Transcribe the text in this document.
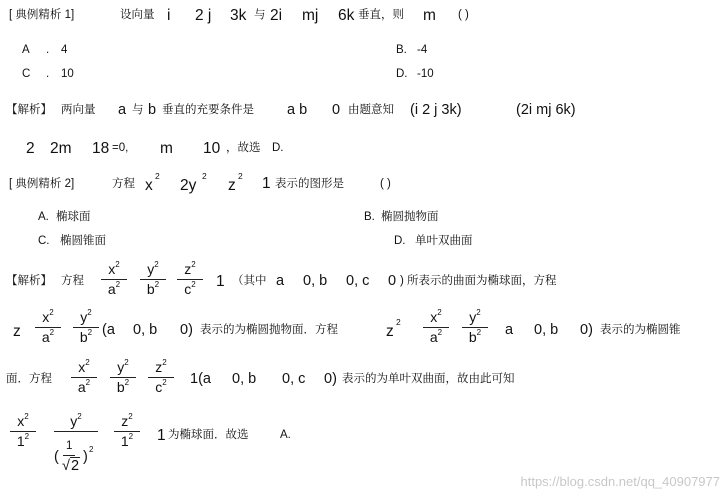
[ 典例精析 1]	设向量 i 2 j 3k 与 2i mj 6k 垂直，则 m ( )
A . 4	B. -4
C . 10	D. -10
【解析】 两向量 a 与 b 垂直的充要条件是 a b 0 由题意知 (i 2 j 3k)	(2i mj 6k)
2 2m 18 =0, m 10 ，故选 D.
[ 典例精析 2]	方程 x
2
2y
2
z
2 1 表示的图形是	( )
A. 椭球面	B. 椭圆抛物面
C. 椭圆锥面	D. 单叶双曲面
【解析】 方程
$x^2$
$a^2$
$y^2$
$b^2$
$z^2$
$c^2$	1 （其中 a 0, b 0, c 0 ) 所表示的曲面为椭球面，方程
z
$x^2$
$a^2$
$y^2$
$b^2$ (a 0, b 0) 表示的为椭圆抛物面．方程	z
2	$x^2$
$a^2$
$y^2$
$b^2$	a 0, b 0) 表示的为椭圆锥
面．方程
$x^2$
$a^2$
$y^2$
$b^2$
$z^2$
$c^2$	1(a 0, b 0, c 0) 表示的为单叶双曲面，故由此可知
$x^2$
$1^2$
$y^2$
(
1
√2
) 2
$z^2$
$1^2$	1 为椭球面．故选	A.
https://blog.csdn.net/qq_40907977
